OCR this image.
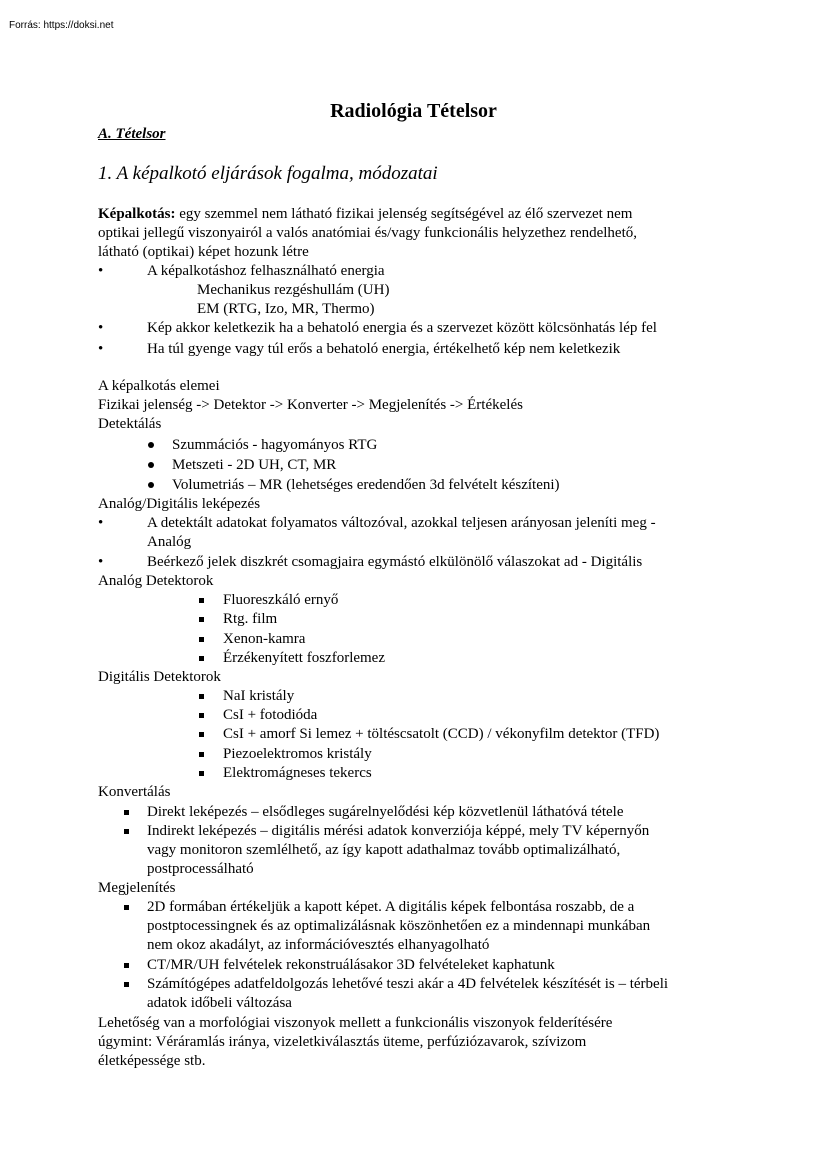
Forrás: https://doksi.net
Radiológia Tételsor
A. Tételsor
1. A képalkotó eljárások fogalma, módozatai
Képalkotás: egy szemmel nem látható fizikai jelenség segítségével az élő szervezet nem
optikai jellegű viszonyairól a valós anatómiai és/vagy funkcionális helyzethez rendelhető,
látható (optikai) képet hozunk létre
•	A képalkotáshoz felhasználható energia
Mechanikus rezgéshullám (UH)
EM (RTG, Izo, MR, Thermo)
•	Kép akkor keletkezik ha a behatoló energia és a szervezet között kölcsönhatás lép fel
•	Ha túl gyenge vagy túl erős a behatoló energia, értékelhető kép nem keletkezik
A képalkotás elemei
Fizikai jelenség -> Detektor -> Konverter -> Megjelenítés -> Értékelés
Detektálás
Szummációs - hagyományos RTG
Metszeti - 2D UH, CT, MR
Volumetriás – MR (lehetséges eredendően 3d felvételt készíteni)
Analóg/Digitális leképezés
•	A detektált adatokat folyamatos változóval, azokkal teljesen arányosan jeleníti meg -
Analóg
•	Beérkező jelek diszkrét csomagjaira egymástó elkülönölő válaszokat ad - Digitális
Analóg Detektorok
Fluoreszkáló ernyő
Rtg. film
Xenon-kamra
Érzékenyített foszforlemez
Digitális Detektorok
NaI kristály
CsI + fotodióda
CsI + amorf Si lemez + töltéscsatolt (CCD) / vékonyfilm detektor (TFD)
Piezoelektromos kristály
Elektromágneses tekercs
Konvertálás
Direkt leképezés – elsődleges sugárelnyelődési kép közvetlenül láthatóvá tétele
Indirekt leképezés – digitális mérési adatok konverziója képpé, mely TV képernyőn
vagy monitoron szemlélhető, az így kapott adathalmaz tovább optimalizálható,
postprocessálható
Megjelenítés
2D formában értékeljük a kapott képet. A digitális képek felbontása roszabb, de a
postptocessingnek és az optimalizálásnak köszönhetően ez a mindennapi munkában
nem okoz akadályt, az információvesztés elhanyagolható
CT/MR/UH felvételek rekonstruálásakor 3D felvételeket kaphatunk
Számítógépes adatfeldolgozás lehetővé teszi akár a 4D felvételek készítését is – térbeli
adatok időbeli változása
Lehetőség van a morfológiai viszonyok mellett a funkcionális viszonyok felderítésére
úgymint: Véráramlás iránya, vizeletkiválasztás üteme, perfúziózavarok, szívizom
életképessége stb.
